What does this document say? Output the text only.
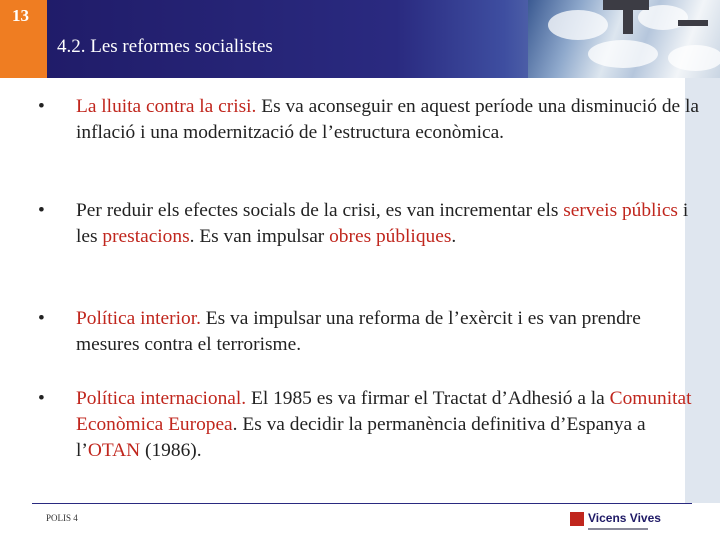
13
4.2. Les reformes socialistes
•	La lluita contra la crisi. Es va aconseguir en aquest període una disminució de la inflació i una modernització de l’estructura econòmica.
•	Per reduir els efectes socials de la crisi, es van incrementar els serveis públics i les prestacions. Es van impulsar obres públiques.
•	Política interior. Es va impulsar una reforma de l’exèrcit i es van prendre mesures contra el terrorisme.
•	Política internacional. El 1985 es va firmar el Tractat d’Adhesió a la Comunitat Econòmica Europea. Es va decidir la permanència definitiva d’Espanya a l’OTAN (1986).
POLIS 4	Vicens Vives
